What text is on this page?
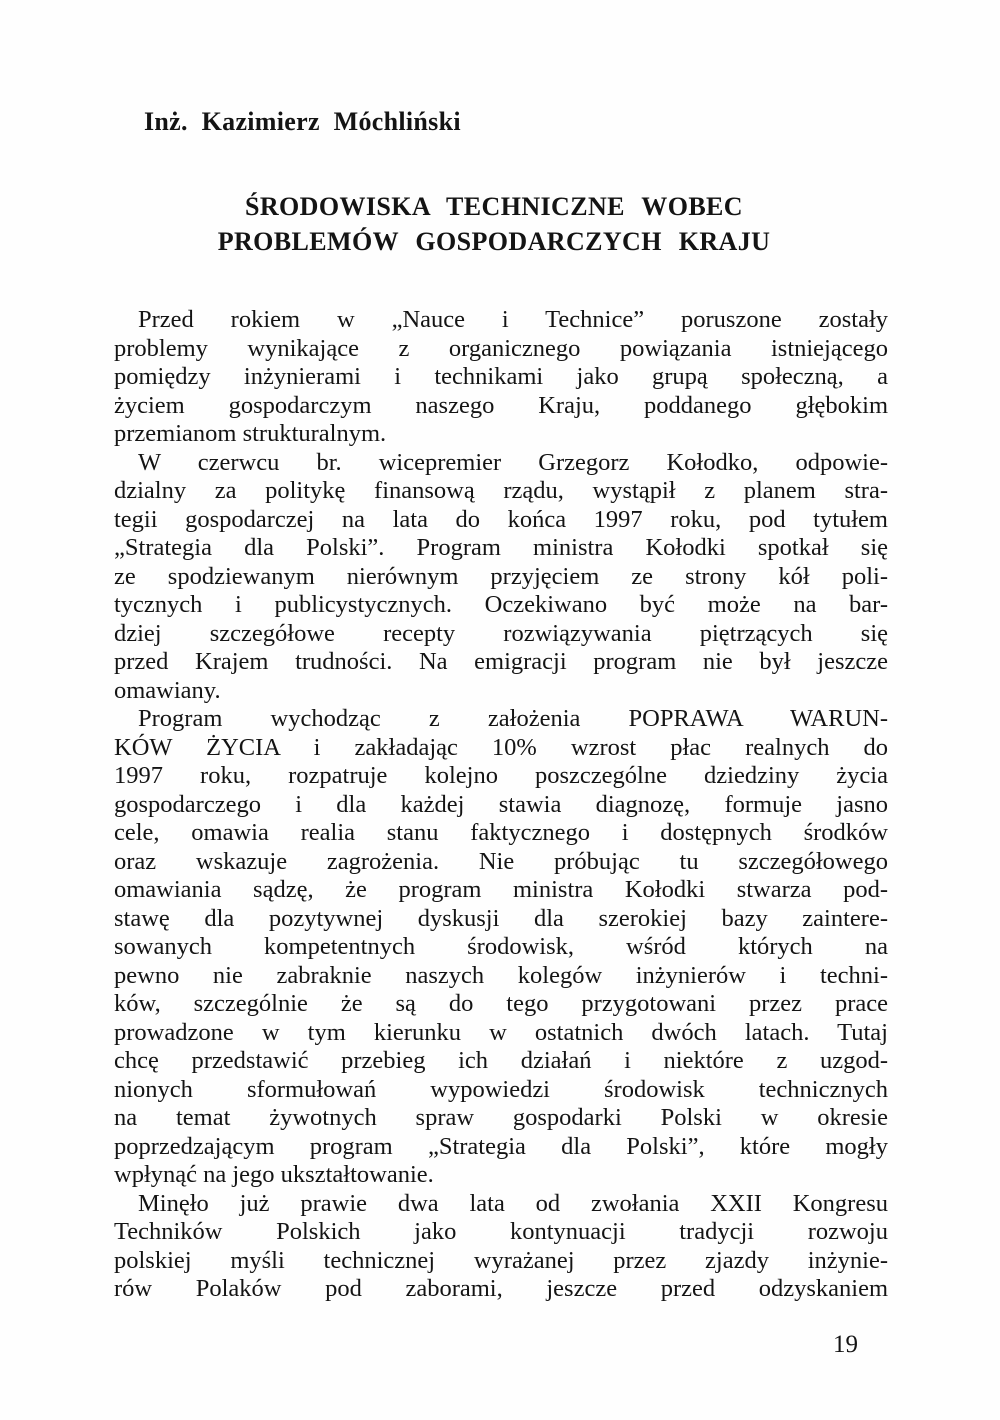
Inż. Kazimierz Móchliński
ŚRODOWISKA TECHNICZNE WOBEC
PROBLEMÓW GOSPODARCZYCH KRAJU
Przed rokiem w „Nauce i Technice” poruszone zostały
problemy wynikające z organicznego powiązania istniejącego
pomiędzy inżynierami i technikami jako grupą społeczną, a
życiem gospodarczym naszego Kraju, poddanego głębokim
przemianom strukturalnym.
W czerwcu br. wicepremier Grzegorz Kołodko, odpowie-
dzialny za politykę finansową rządu, wystąpił z planem stra-
tegii gospodarczej na lata do końca 1997 roku, pod tytułem
„Strategia dla Polski”. Program ministra Kołodki spotkał się
ze spodziewanym nierównym przyjęciem ze strony kół poli-
tycznych i publicystycznych. Oczekiwano być może na bar-
dziej szczegółowe recepty rozwiązywania piętrzących się
przed Krajem trudności. Na emigracji program nie był jeszcze
omawiany.
Program wychodząc z założenia POPRAWA WARUN-
KÓW ŻYCIA i zakładając 10% wzrost płac realnych do
1997 roku, rozpatruje kolejno poszczególne dziedziny życia
gospodarczego i dla każdej stawia diagnozę, formuje jasno
cele, omawia realia stanu faktycznego i dostępnych środków
oraz wskazuje zagrożenia. Nie próbując tu szczegółowego
omawiania sądzę, że program ministra Kołodki stwarza pod-
stawę dla pozytywnej dyskusji dla szerokiej bazy zaintere-
sowanych kompetentnych środowisk, wśród których na
pewno nie zabraknie naszych kolegów inżynierów i techni-
ków, szczególnie że są do tego przygotowani przez prace
prowadzone w tym kierunku w ostatnich dwóch latach. Tutaj
chcę przedstawić przebieg ich działań i niektóre z uzgod-
nionych sformułowań wypowiedzi środowisk technicznych
na temat żywotnych spraw gospodarki Polski w okresie
poprzedzającym program „Strategia dla Polski”, które mogły
wpłynąć na jego ukształtowanie.
Minęło już prawie dwa lata od zwołania XXII Kongresu
Techników Polskich jako kontynuacji tradycji rozwoju
polskiej myśli technicznej wyrażanej przez zjazdy inżynie-
rów Polaków pod zaborami, jeszcze przed odzyskaniem
19
